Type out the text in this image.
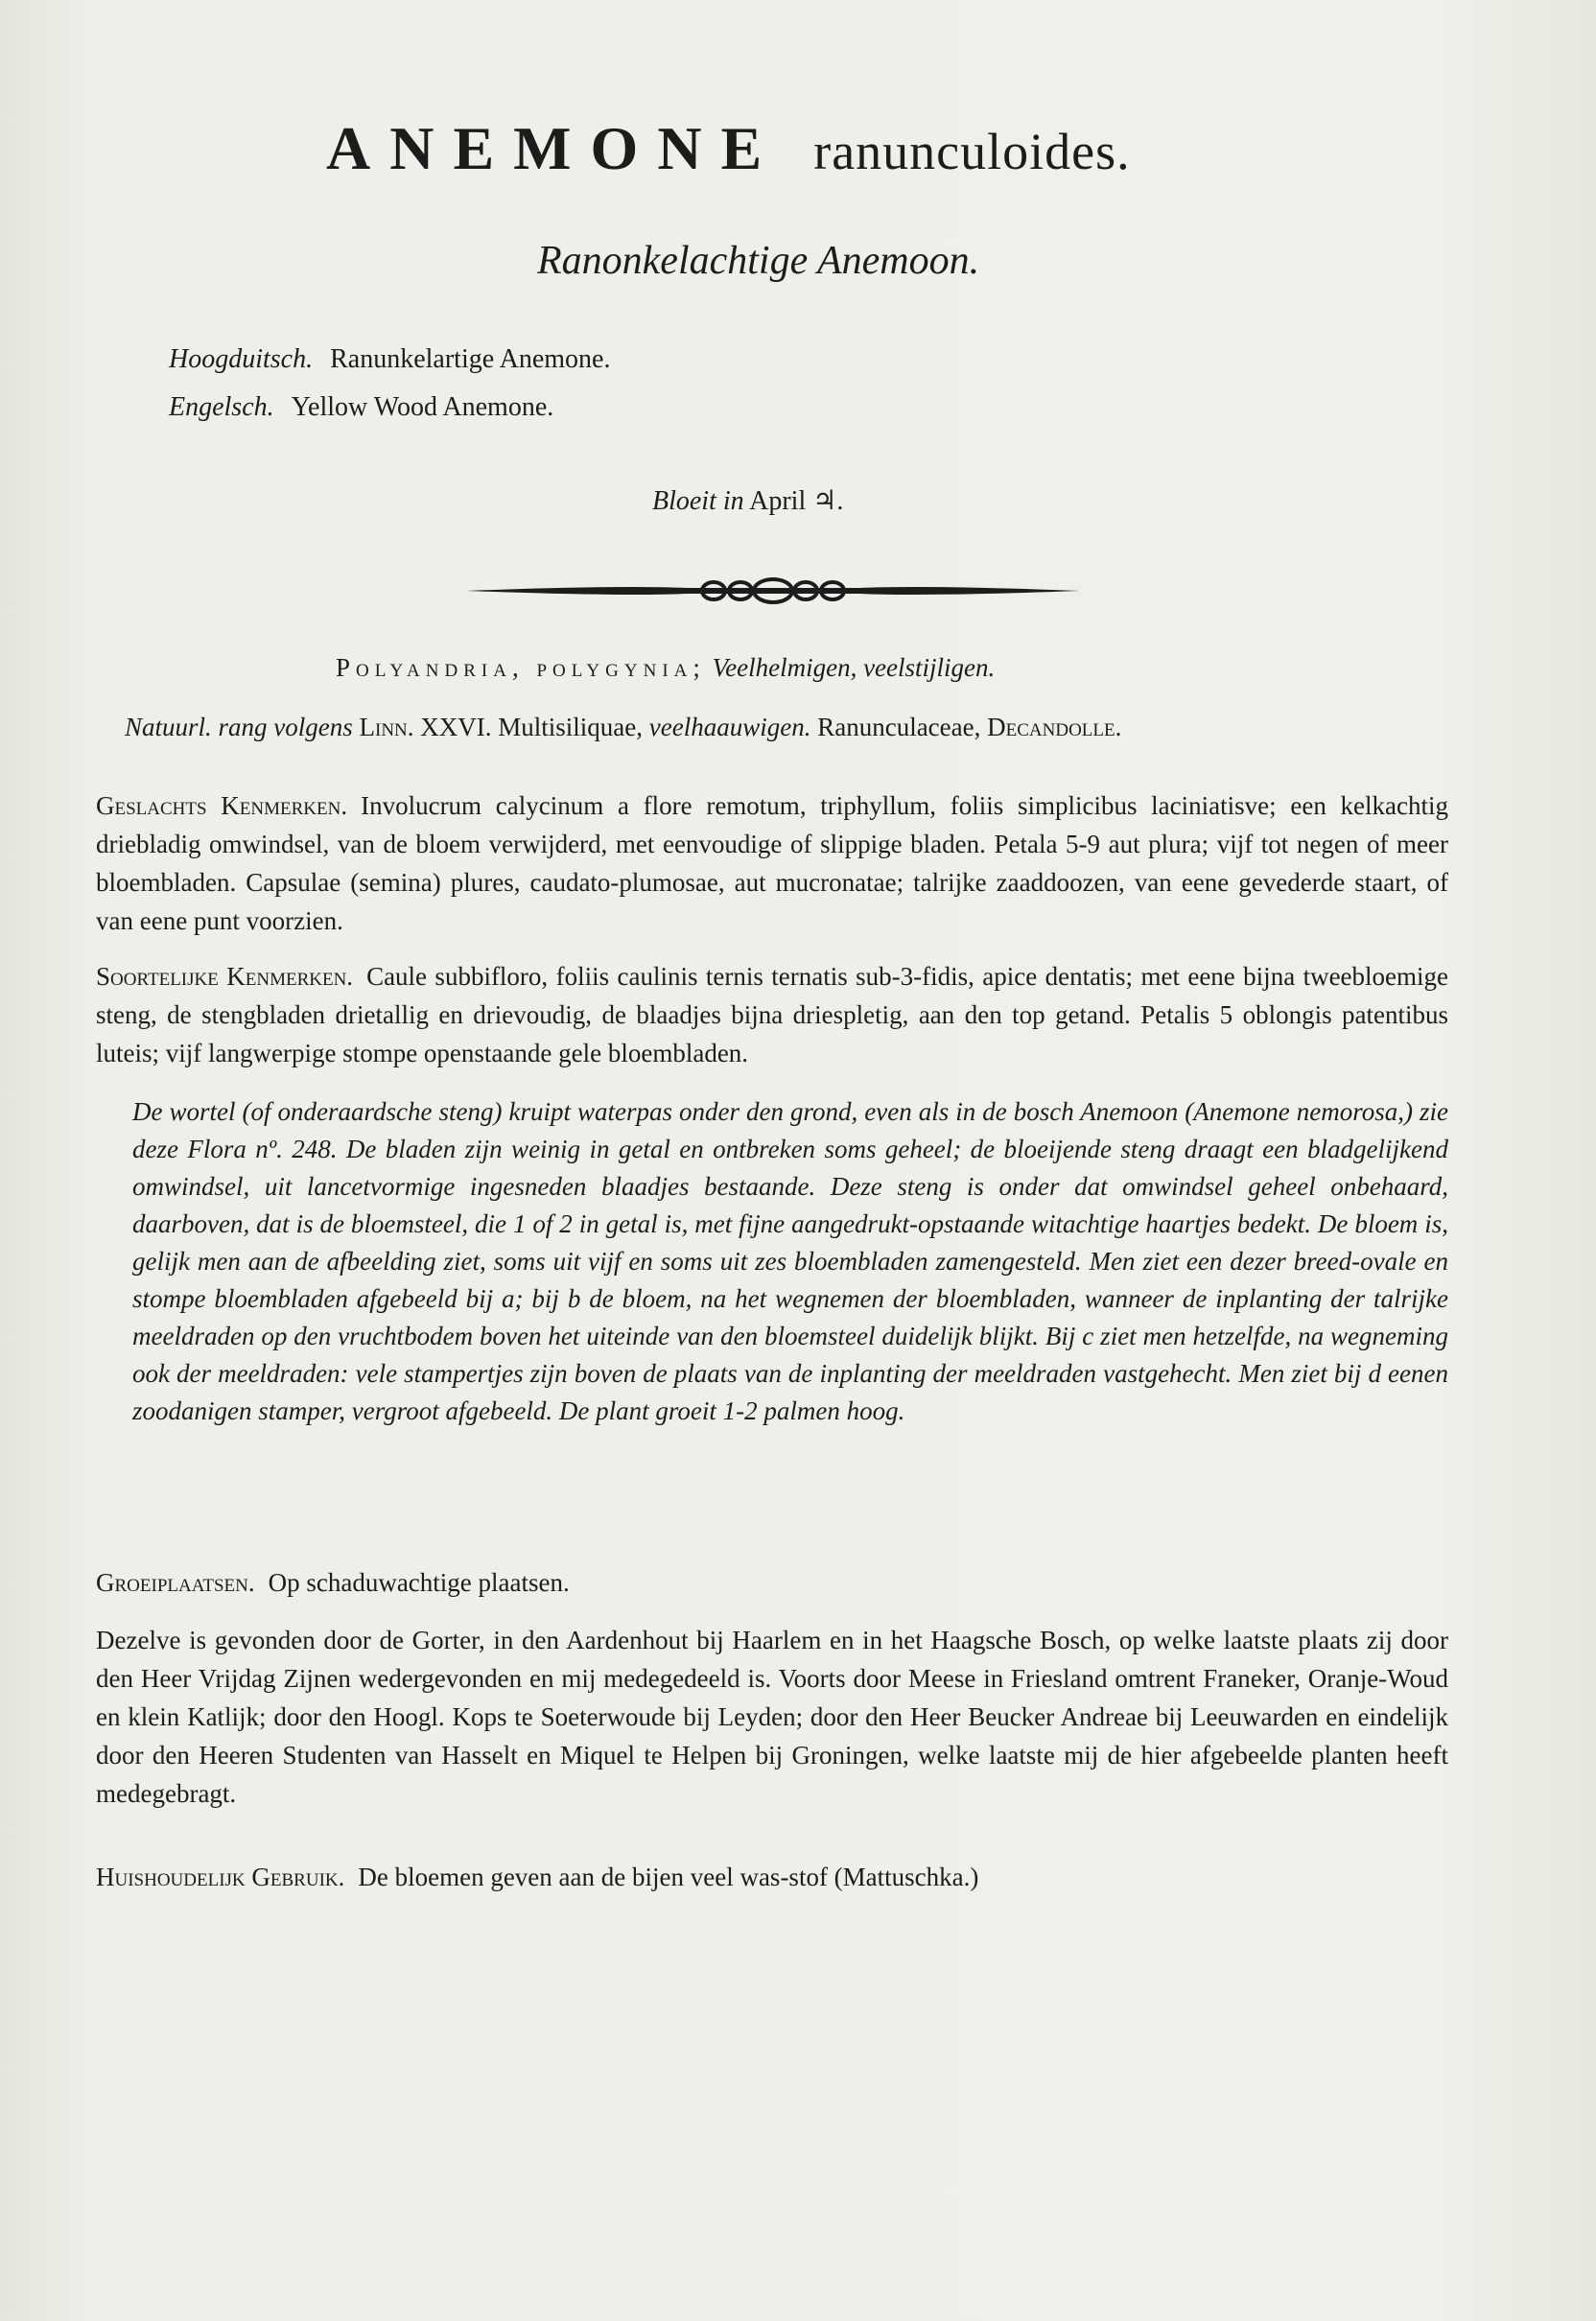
ANEMONE ranunculoides.
Ranonkelachtige Anemoon.
Hoogduitsch. Ranunkelartige Anemone.
Engelsch. Yellow Wood Anemone.
Bloeit in April ♃.
Polyandria, polygynia; Veelhelmigen, veelstijligen.
Natuurl. rang volgens Linn. XXVI. Multisiliquae, veelhaauwigen. Ranunculaceae, Decandolle.
Geslachts Kenmerken. Involucrum calycinum a flore remotum, triphyllum, foliis simplicibus laciniatisve; een kelkachtig driebladig omwindsel, van de bloem verwijderd, met eenvoudige of slippige bladen. Petala 5-9 aut plura; vijf tot negen of meer bloembladen. Capsulae (semina) plures, caudato-plumosae, aut mucronatae; talrijke zaaddoozen, van eene gevederde staart, of van eene punt voorzien.
Soortelijke Kenmerken. Caule subbifloro, foliis caulinis ternis ternatis sub-3-fidis, apice dentatis; met eene bijna tweebloemige steng, de stengbladen drietallig en drievoudig, de blaadjes bijna driespletig, aan den top getand. Petalis 5 oblongis patentibus luteis; vijf langwerpige stompe openstaande gele bloembladen.
De wortel (of onderaardsche steng) kruipt waterpas onder den grond, even als in de bosch Anemoon (Anemone nemorosa,) zie deze Flora nº. 248. De bladen zijn weinig in getal en ontbreken soms geheel; de bloeijende steng draagt een bladgelijkend omwindsel, uit lancetvormige ingesneden blaadjes bestaande. Deze steng is onder dat omwindsel geheel onbehaard, daarboven, dat is de bloemsteel, die 1 of 2 in getal is, met fijne aangedrukt-opstaande witachtige haartjes bedekt. De bloem is, gelijk men aan de afbeelding ziet, soms uit vijf en soms uit zes bloembladen zamengesteld. Men ziet een dezer breed-ovale en stompe bloembladen afgebeeld bij a; bij b de bloem, na het wegnemen der bloembladen, wanneer de inplanting der talrijke meeldraden op den vruchtbodem boven het uiteinde van den bloemsteel duidelijk blijkt. Bij c ziet men hetzelfde, na wegneming ook der meeldraden: vele stampertjes zijn boven de plaats van de inplanting der meeldraden vastgehecht. Men ziet bij d eenen zoodanigen stamper, vergroot afgebeeld. De plant groeit 1-2 palmen hoog.
Groeiplaatsen. Op schaduwachtige plaatsen.
Dezelve is gevonden door de Gorter, in den Aardenhout bij Haarlem en in het Haagsche Bosch, op welke laatste plaats zij door den Heer Vrijdag Zijnen wedergevonden en mij medegedeeld is. Voorts door Meese in Friesland omtrent Franeker, Oranje-Woud en klein Katlijk; door den Hoogl. Kops te Soeterwoude bij Leyden; door den Heer Beucker Andreae bij Leeuwarden en eindelijk door den Heeren Studenten van Hasselt en Miquel te Helpen bij Groningen, welke laatste mij de hier afgebeelde planten heeft medegebragt.
Huishoudelijk Gebruik. De bloemen geven aan de bijen veel was-stof (Mattuschka.)
